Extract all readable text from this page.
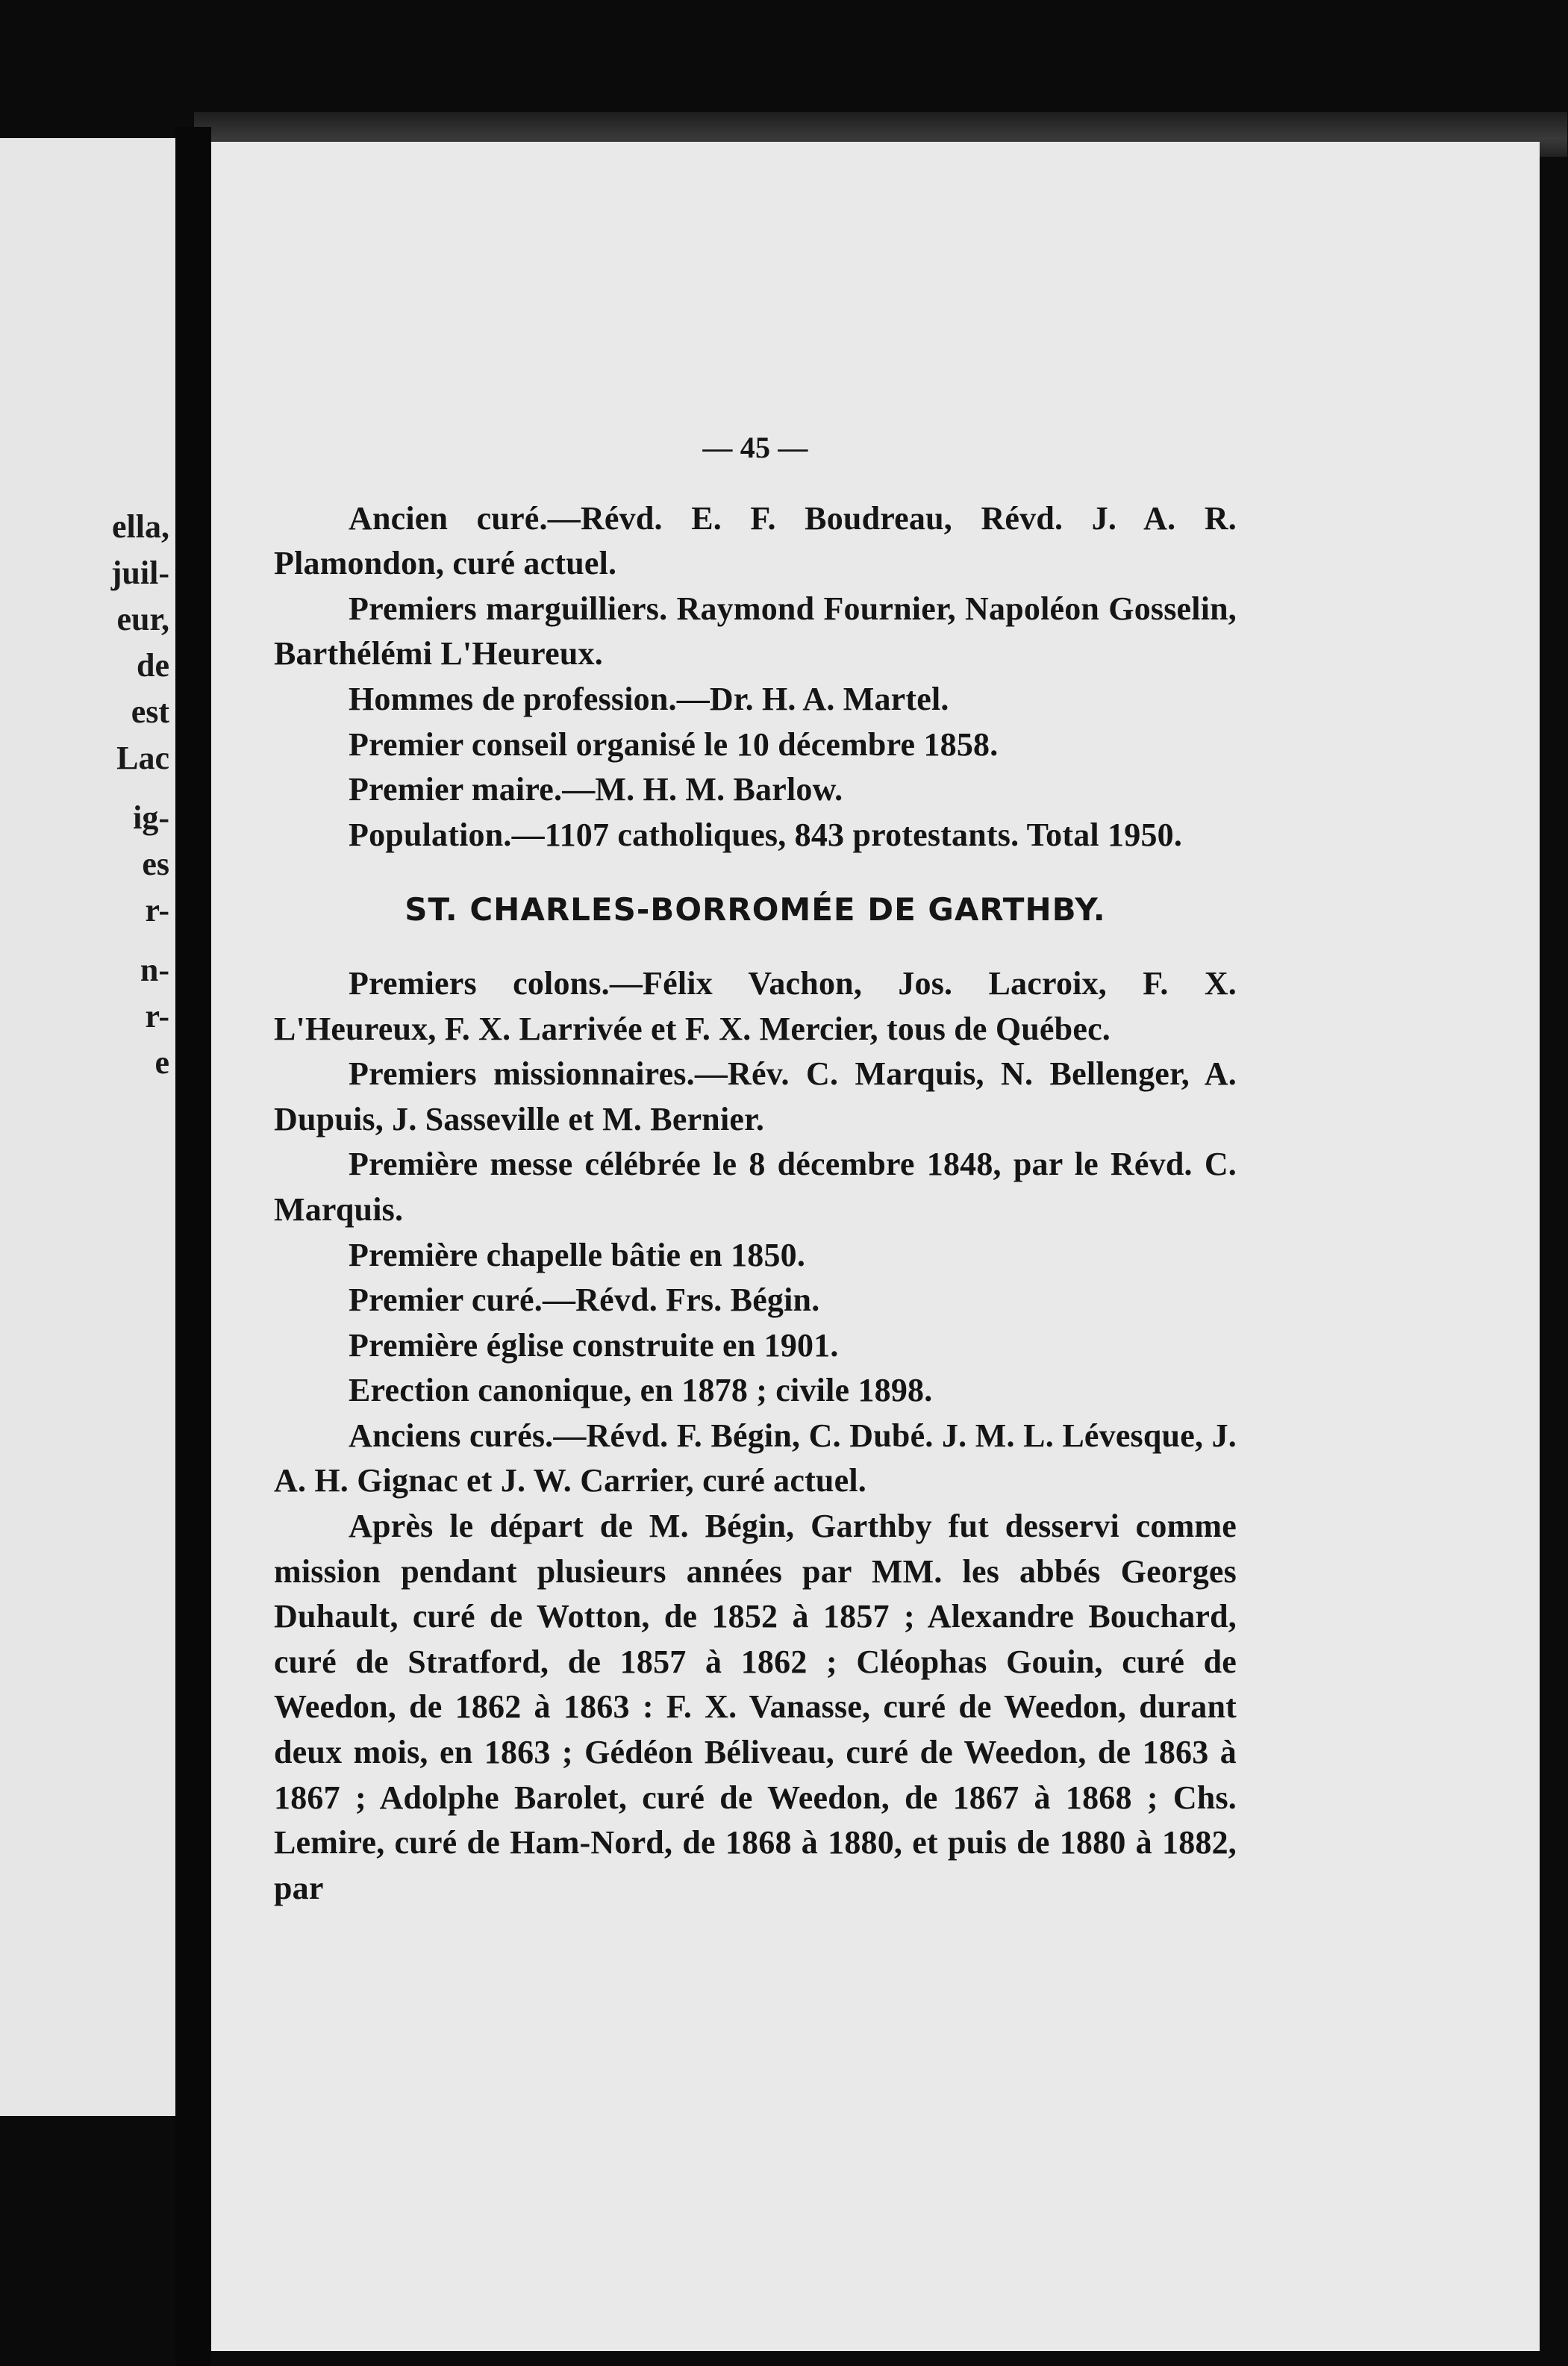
ella,
juil-
eur,
de
est
Lac
ig-
es
r-
n-
r-
e
— 45 —

Ancien curé.—Révd. E. F. Boudreau, Révd. J. A. R. Plamondon, curé actuel.

Premiers marguilliers. Raymond Fournier, Napoléon Gosselin, Barthélémi L'Heureux.

Hommes de profession.—Dr. H. A. Martel.

Premier conseil organisé le 10 décembre 1858.

Premier maire.—M. H. M. Barlow.

Population.—1107 catholiques, 843 protestants. Total 1950.

ST. CHARLES-BORROMÉE DE GARTHBY.

Premiers colons.—Félix Vachon, Jos. Lacroix, F. X. L'Heureux, F. X. Larrivée et F. X. Mercier, tous de Québec.

Premiers missionnaires.—Rév. C. Marquis, N. Bellenger, A. Dupuis, J. Sasseville et M. Bernier.

Première messe célébrée le 8 décembre 1848, par le Révd. C. Marquis.

Première chapelle bâtie en 1850.

Premier curé.—Révd. Frs. Bégin.

Première église construite en 1901.

Erection canonique, en 1878 ; civile 1898.

Anciens curés.—Révd. F. Bégin, C. Dubé. J. M. L. Lévesque, J. A. H. Gignac et J. W. Carrier, curé actuel.

Après le départ de M. Bégin, Garthby fut desservi comme mission pendant plusieurs années par MM. les abbés Georges Duhault, curé de Wotton, de 1852 à 1857 ; Alexandre Bouchard, curé de Stratford, de 1857 à 1862 ; Cléophas Gouin, curé de Weedon, de 1862 à 1863 : F. X. Vanasse, curé de Weedon, durant deux mois, en 1863 ; Gédéon Béliveau, curé de Weedon, de 1863 à 1867 ; Adolphe Barolet, curé de Weedon, de 1867 à 1868 ; Chs. Lemire, curé de Ham-Nord, de 1868 à 1880, et puis de 1880 à 1882, par
